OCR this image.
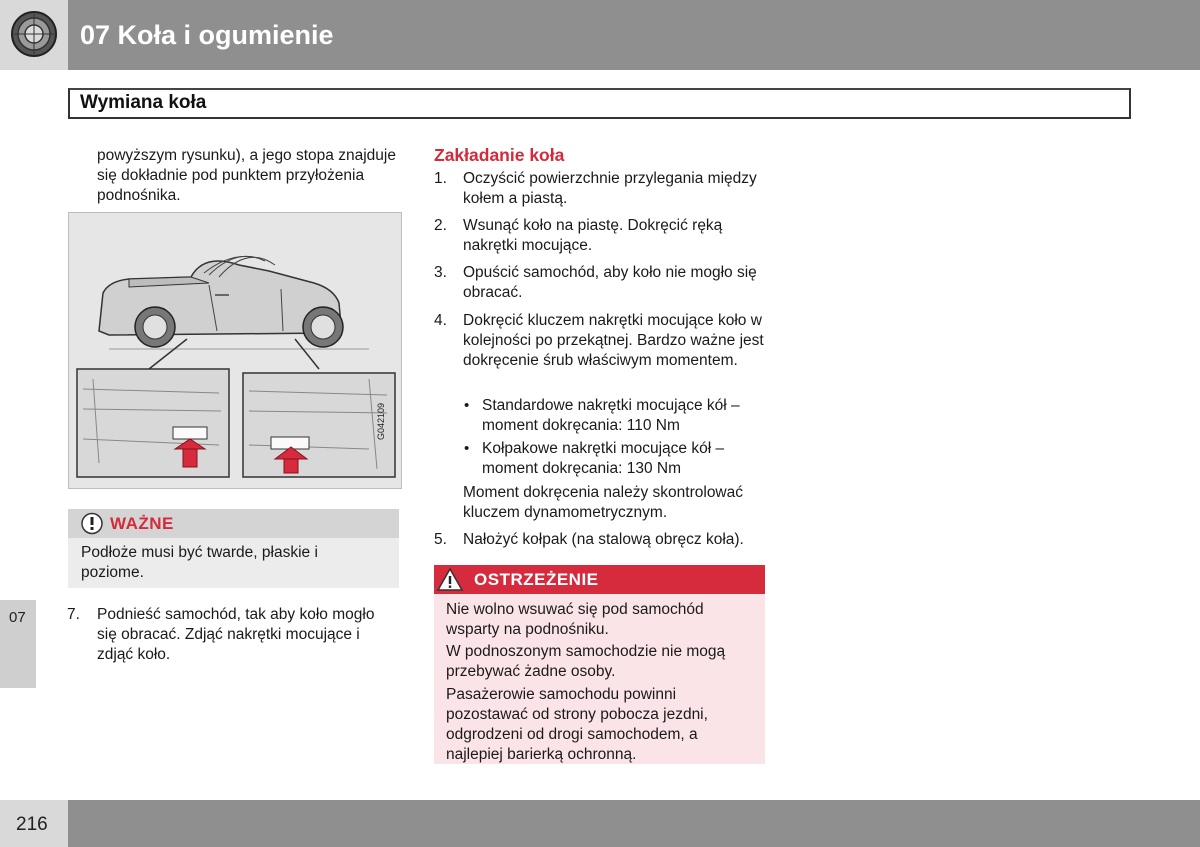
07 Koła i ogumienie
Wymiana koła
07
powyższym rysunku), a jego stopa znajduje się dokładnie pod punktem przyłożenia podnośnika.
G042109
WAŻNE
Podłoże musi być twarde, płaskie i poziome.
7.	Podnieść samochód, tak aby koło mogło się obracać. Zdjąć nakrętki mocujące i zdjąć koło.
Zakładanie koła
1. Oczyścić powierzchnie przylegania między kołem a piastą.
2. Wsunąć koło na piastę. Dokręcić ręką nakrętki mocujące.
3. Opuścić samochód, aby koło nie mogło się obracać.
4. Dokręcić kluczem nakrętki mocujące koło w kolejności po przekątnej. Bardzo ważne jest dokręcenie śrub właściwym momentem.
• Standardowe nakrętki mocujące kół – moment dokręcania: 110 Nm
• Kołpakowe nakrętki mocujące kół – moment dokręcania: 130 Nm
Moment dokręcenia należy skontrolować kluczem dynamometrycznym.
5. Nałożyć kołpak (na stalową obręcz koła).
OSTRZEŻENIE
Nie wolno wsuwać się pod samochód wsparty na podnośniku.
W podnoszonym samochodzie nie mogą przebywać żadne osoby.
Pasażerowie samochodu powinni pozostawać od strony pobocza jezdni, odgrodzeni od drogi samochodem, a najlepiej barierką ochronną.
216
